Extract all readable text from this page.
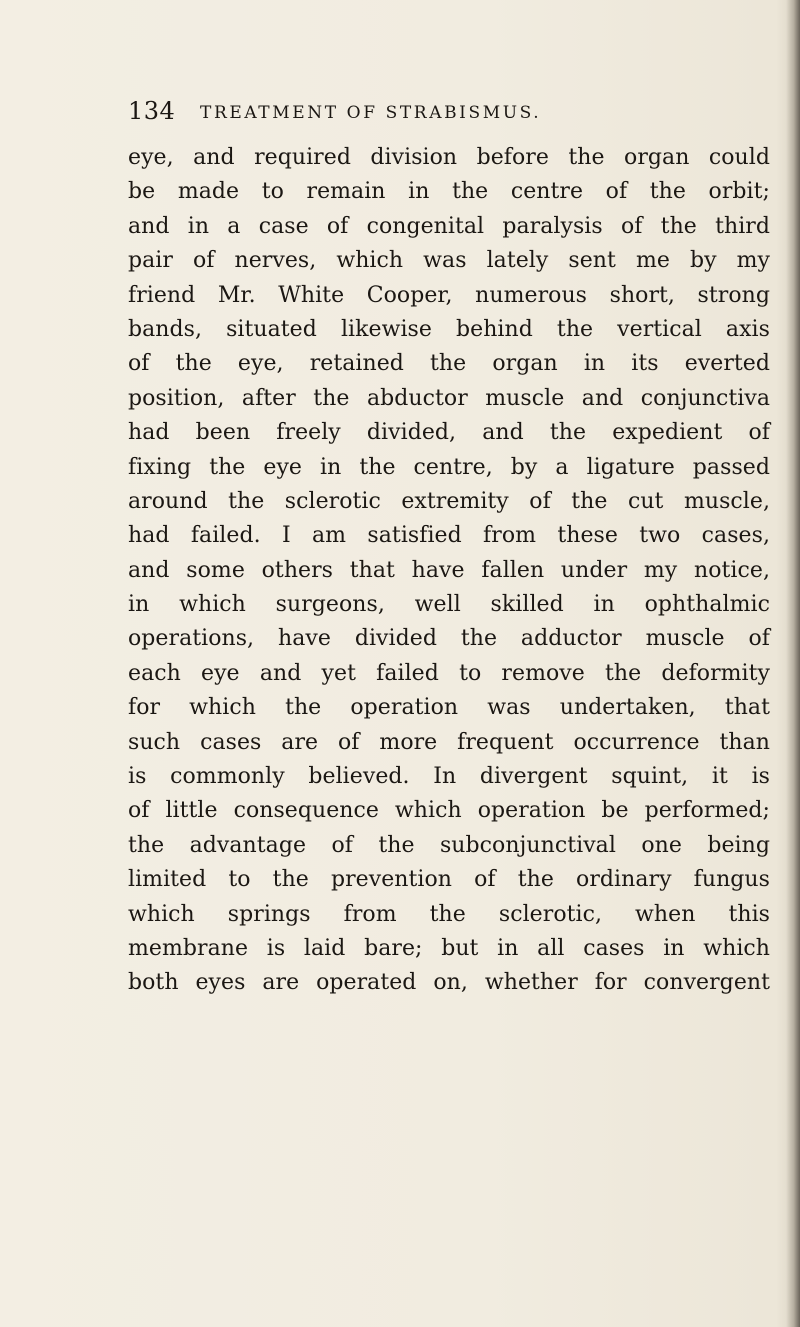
134 TREATMENT OF STRABISMUS.
eye, and required division before the organ could
be made to remain in the centre of the orbit;
and in a case of congenital paralysis of the third
pair of nerves, which was lately sent me by my
friend Mr. White Cooper, numerous short, strong
bands, situated likewise behind the vertical axis
of the eye, retained the organ in its everted
position, after the abductor muscle and conjunctiva
had been freely divided, and the expedient of
fixing the eye in the centre, by a ligature passed
around the sclerotic extremity of the cut muscle,
had failed. I am satisfied from these two cases,
and some others that have fallen under my notice,
in which surgeons, well skilled in ophthalmic
operations, have divided the adductor muscle of
each eye and yet failed to remove the deformity
for which the operation was undertaken, that
such cases are of more frequent occurrence than
is commonly believed. In divergent squint, it is
of little consequence which operation be performed;
the advantage of the subconjunctival one being
limited to the prevention of the ordinary fungus
which springs from the sclerotic, when this
membrane is laid bare; but in all cases in which
both eyes are operated on, whether for convergent
